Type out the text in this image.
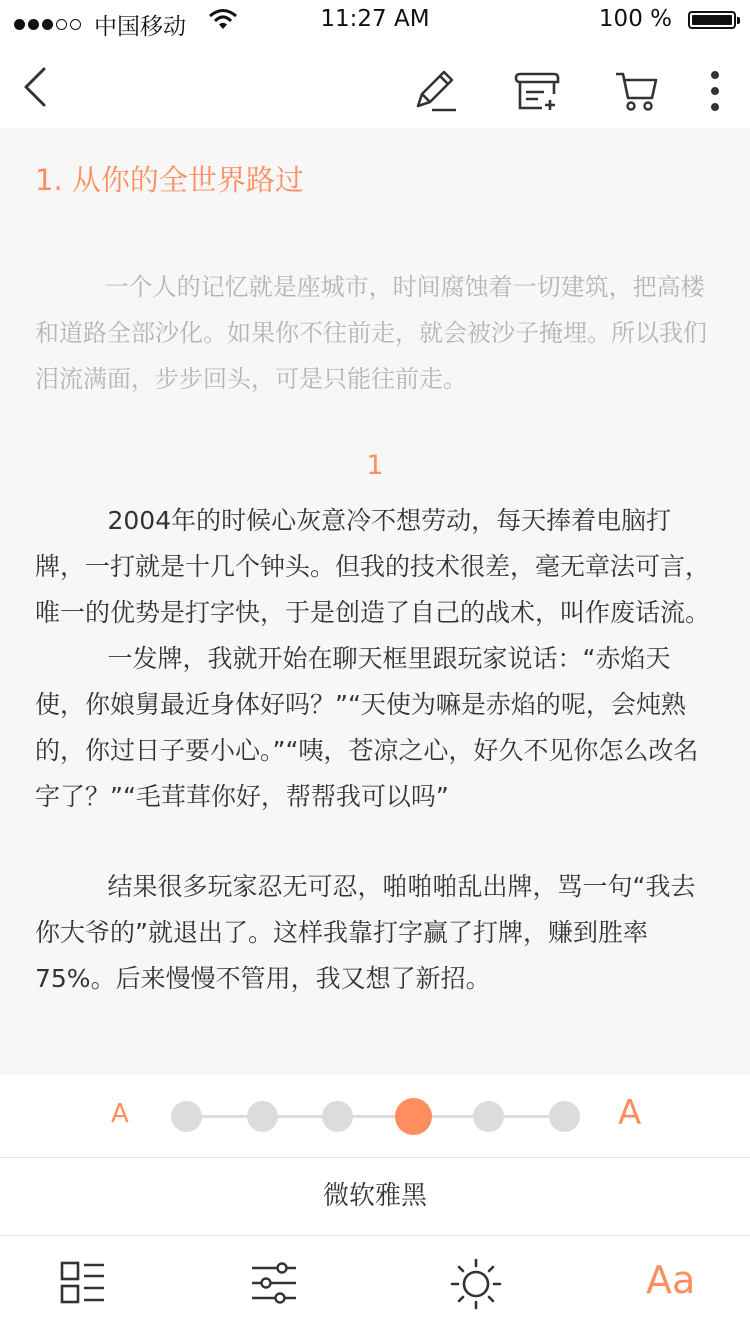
中国移动	11:27 AM	100 %
1. 从你的全世界路过
一个人的记忆就是座城市，时间腐蚀着一切建筑，把高楼和道路全部沙化。如果你不往前走，就会被沙子掩埋。所以我们泪流满面，步步回头，可是只能往前走。
1

2004年的时候心灰意冷不想劳动，每天捧着电脑打牌，一打就是十几个钟头。但我的技术很差，毫无章法可言，唯一的优势是打字快，于是创造了自己的战术，叫作废话流。

一发牌，我就开始在聊天框里跟玩家说话：“赤焰天使，你娘舅最近身体好吗？”“天使为嘛是赤焰的呢，会炖熟的，你过日子要小心。”“咦，苍凉之心，好久不见你怎么改名字了？”“毛茸茸你好，帮帮我可以吗”

结果很多玩家忍无可忍，啪啪啪乱出牌，骂一句“我去你大爷的”就退出了。这样我靠打字赢了打牌，赚到胜率75%。后来慢慢不管用，我又想了新招。

A	A
微软雅黑
Aa
